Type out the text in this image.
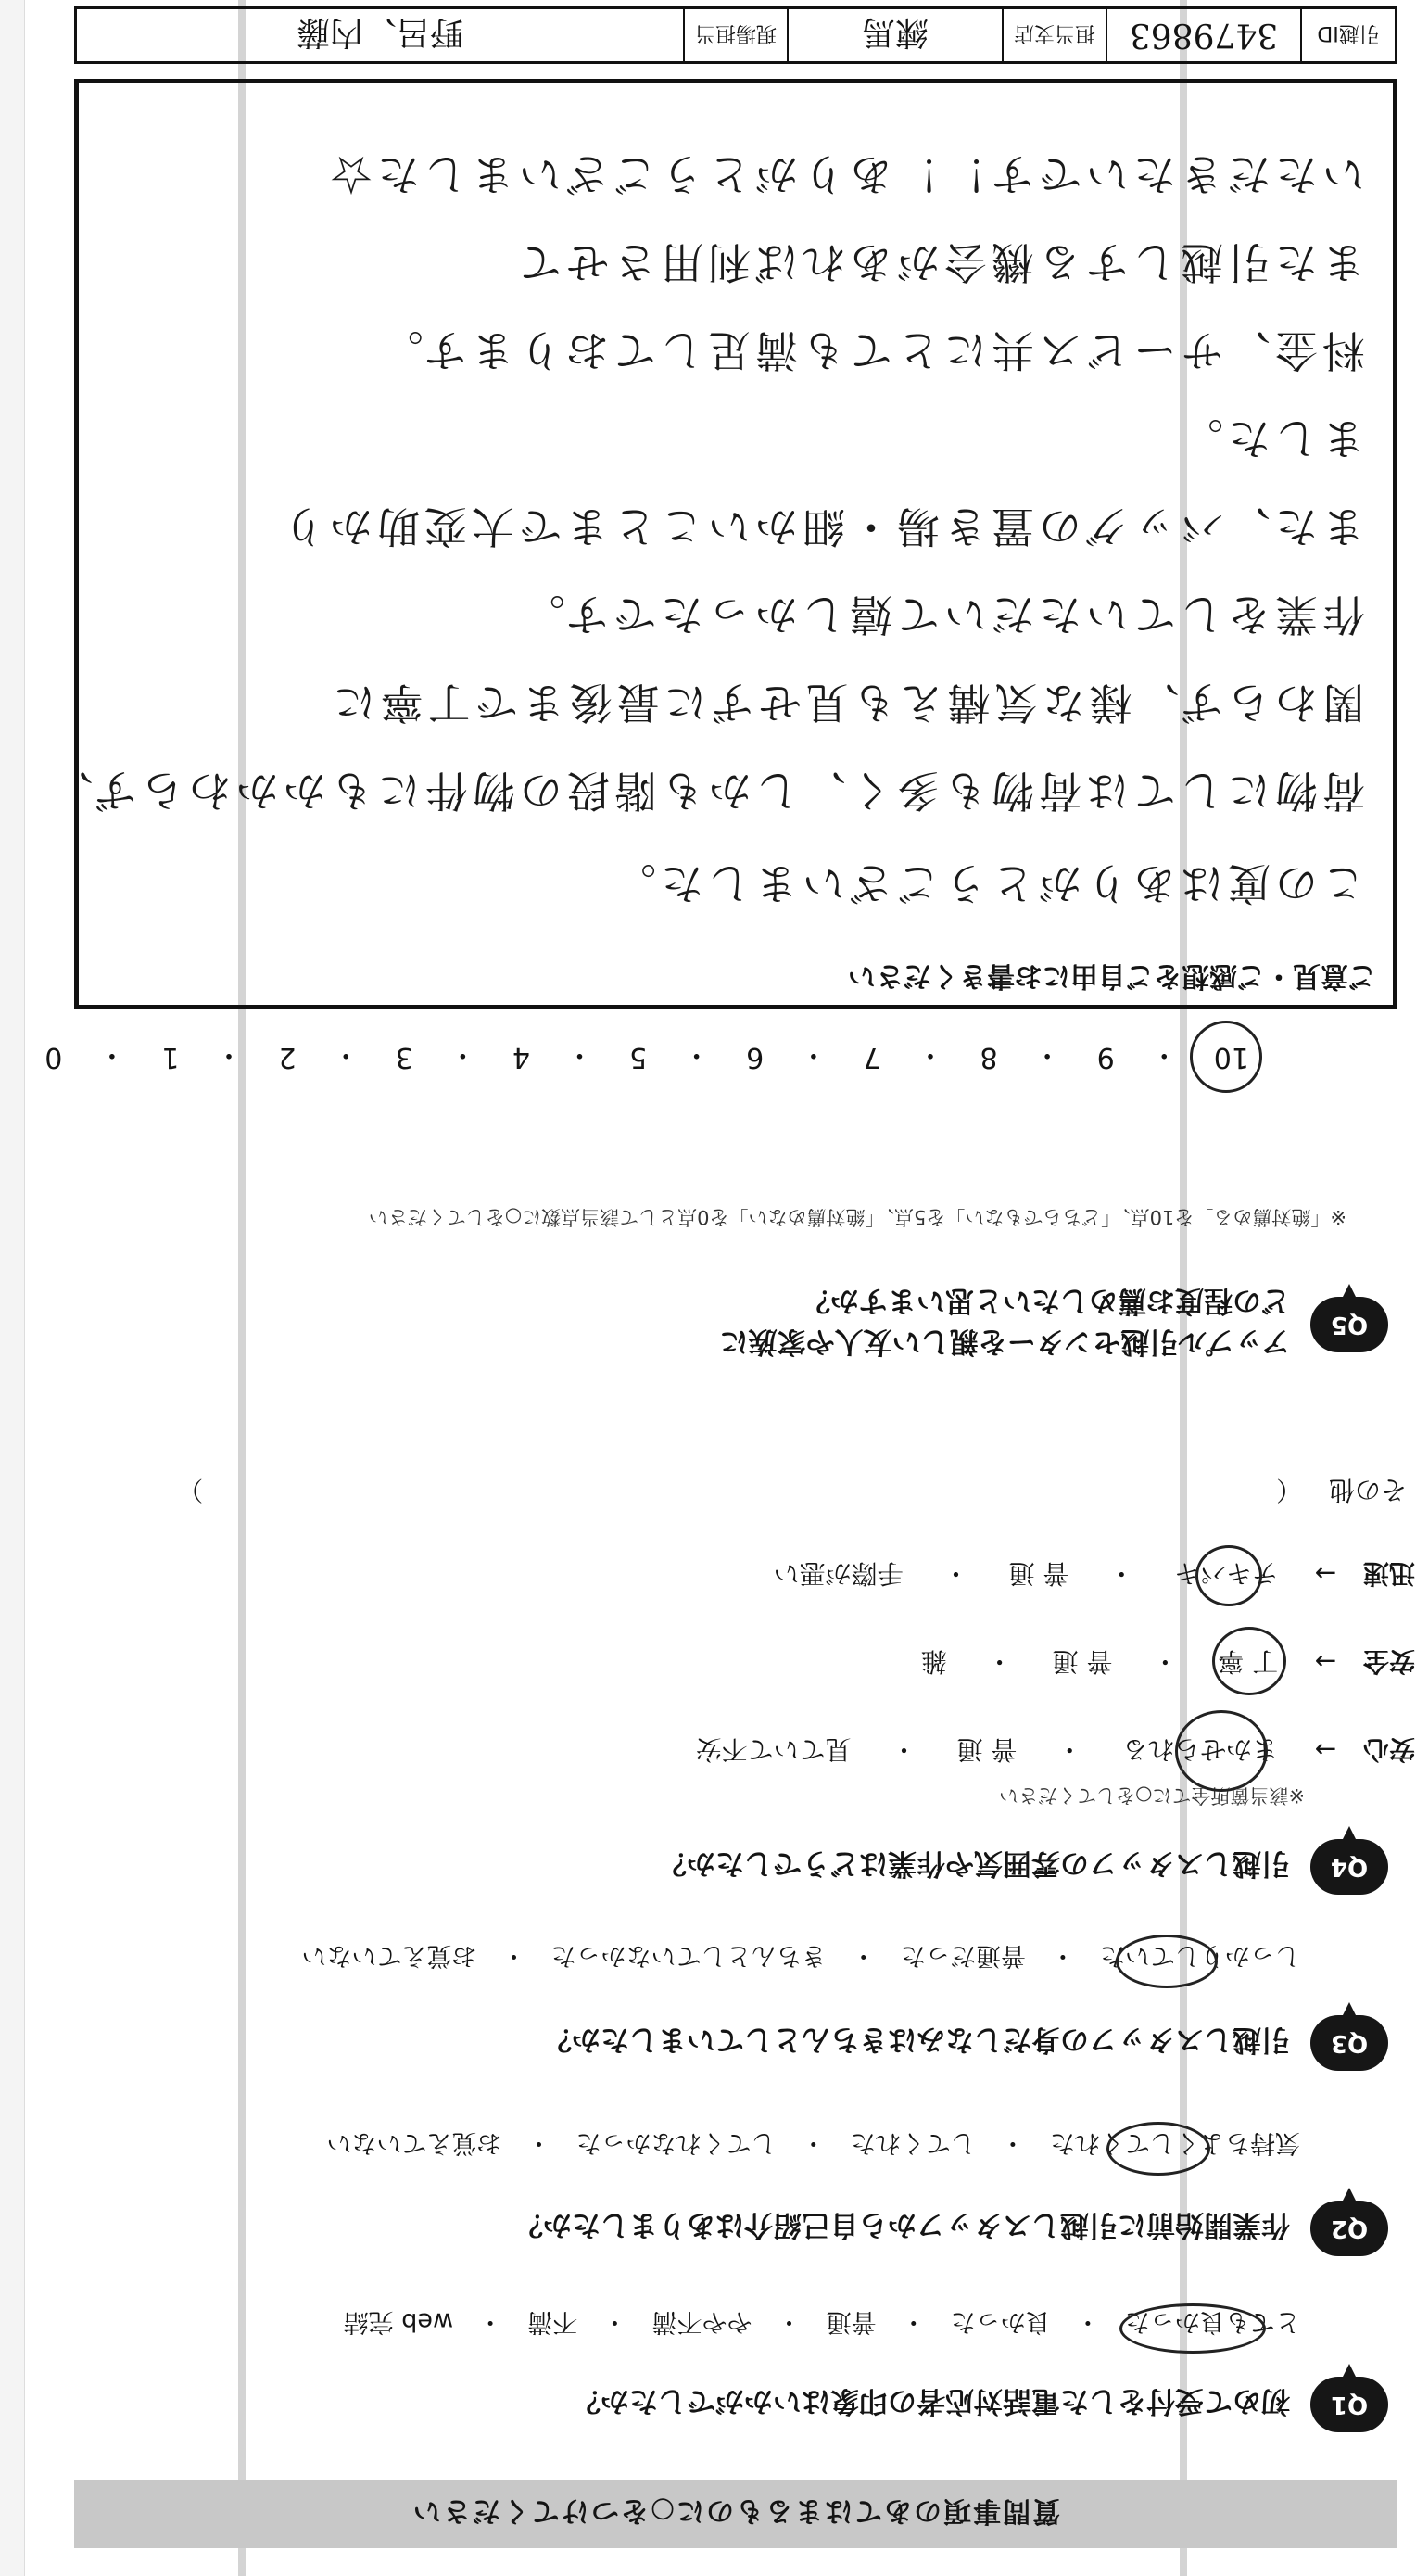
質問事項のあてはまるものに○をつけてください
Q1
初めて受付をした電話対応者の印象はいかがでしたか？
とても良かった ・ 良かった ・ 普通 ・ やや不満 ・ 不満 ・ web 完結
Q2
作業開始前に引越しスタッフから自己紹介はありましたか？
気持ちよくしてくれた ・ してくれた ・ してくれなかった ・ お覚えていない
Q3
引越しスタッフの身だしなみはきちんとしていましたか？
しっかりしていた ・ 普通だった ・ きちんとしていなかった ・ お覚えていない
Q4
引越しスタッフの雰囲気や作業はどうでしたか？
※該当箇所全てに○をしてください
安心 → まかせられる ・ 普 通 ・ 見ていて不安
安全 → 丁 寧 ・ 普 通 ・ 雑
迅速 → テキパキ ・ 普 通 ・ 手際が悪い
その他 （  ）
Q5
アップル引越センターを親しい友人や家族に
どの程度お薦めしたいと思いますか？
※「絶対薦める」を10点、「どちらでもない」を5点、「絶対薦めない」を0点として該当点数に○をしてください
10
・
9
・
8
・
7
・
6
・
5
・
4
・
3
・
2
・
1
・
0
ご意見・ご感想をご自由にお書きください
この度はありがとうございました。
荷物にしては荷物も多く、しかも階段の物件にもかかわらず、
関わらず、様な気構えも見せずに最後まで丁寧に
作業をしていただいて嬉しかったです。
また、バッグの置き場・細かいことまで大変助かり
ました。
料金、サービス共にとても満足しております。
また引越しする機会があれば利用させて
いただきたいです！！ありがとうございました☆
引越ID
3479863
担当支店
練馬
現場担当
野呂、内藤
